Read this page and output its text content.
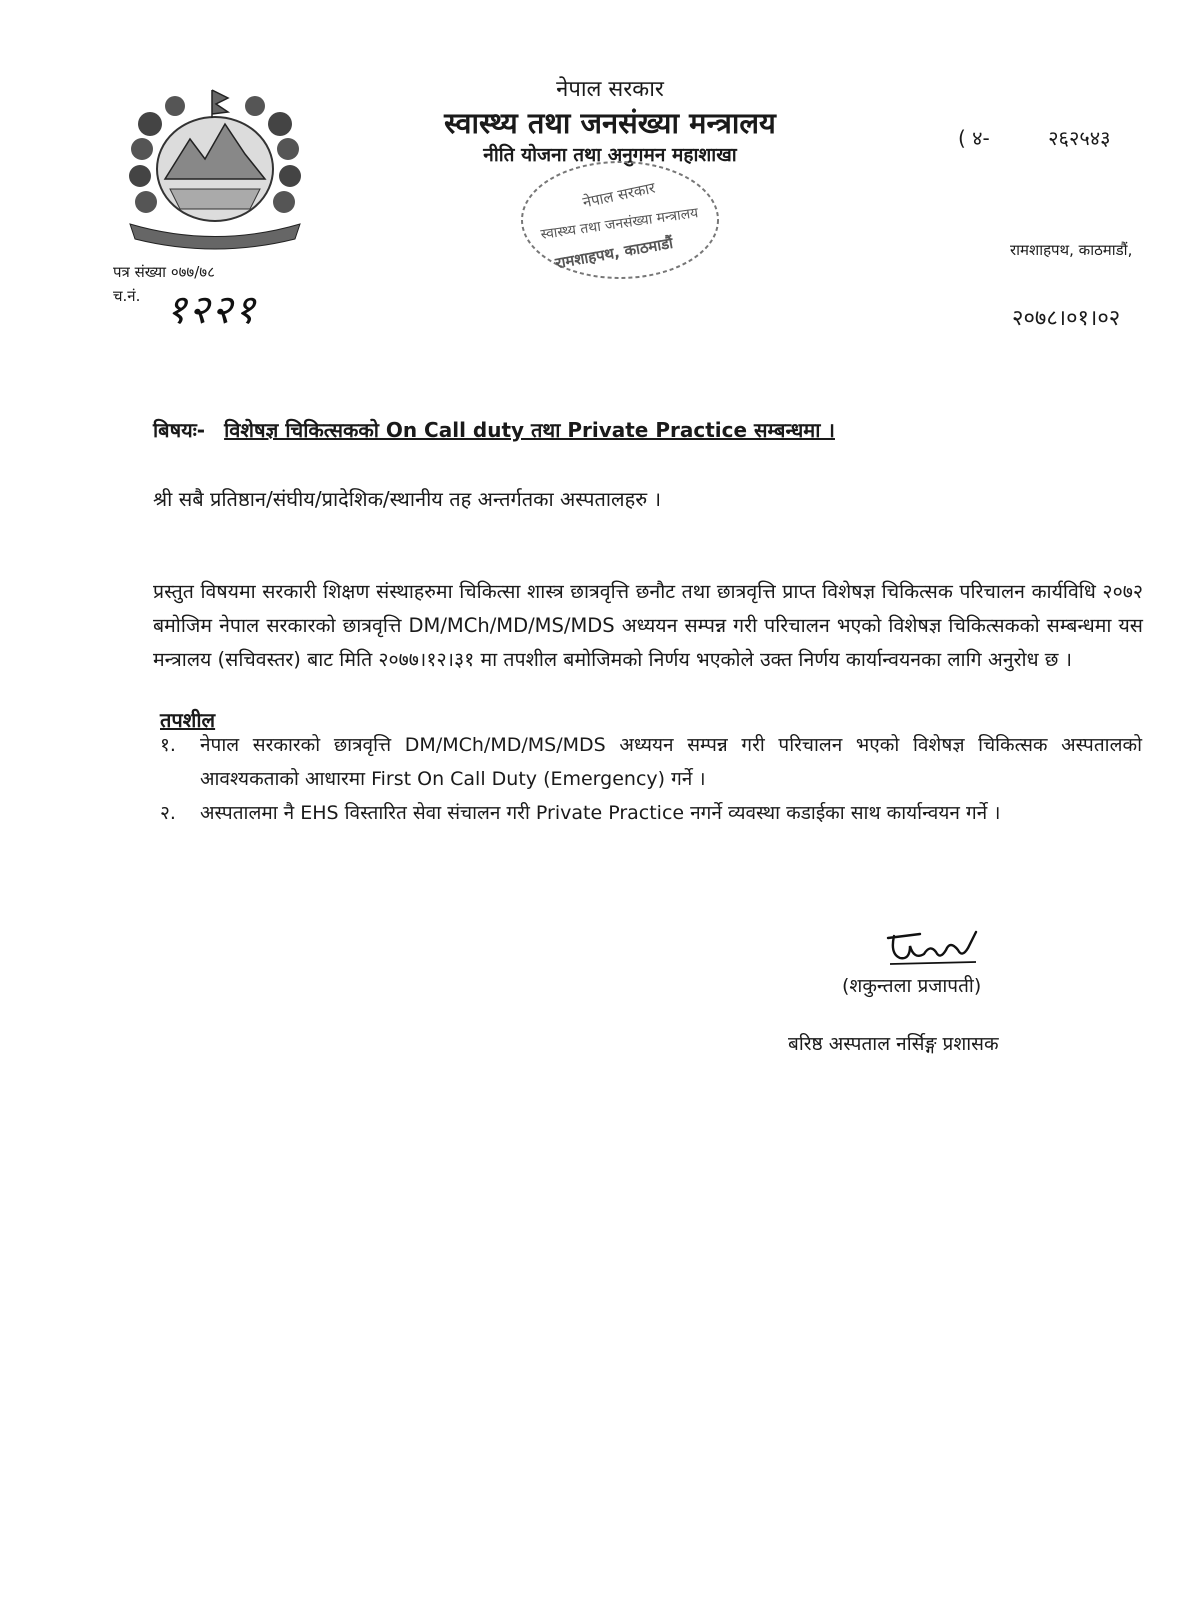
नेपाल सरकार
स्वास्थ्य तथा जनसंख्या मन्त्रालय
नीति योजना तथा अनुगमन महाशाखा
नेपाल सरकार
स्वास्थ्य तथा जनसंख्या मन्त्रालय
रामशाहपथ, काठमाडौं
( ४-	२६२५४३
रामशाहपथ, काठमाडौं,
पत्र संख्या ०७७/७८
च.नं. १२२१	२०७८।०१।०२
बिषयः- विशेषज्ञ चिकित्सकको On Call duty तथा Private Practice सम्बन्धमा ।
श्री सबै प्रतिष्ठान/संघीय/प्रादेशिक/स्थानीय तह अन्तर्गतका अस्पतालहरु ।
प्रस्तुत विषयमा सरकारी शिक्षण संस्थाहरुमा चिकित्सा शास्त्र छात्रवृत्ति छनौट तथा छात्रवृत्ति प्राप्त विशेषज्ञ चिकित्सक परिचालन कार्यविधि २०७२ बमोजिम नेपाल सरकारको छात्रवृत्ति DM/MCh/MD/MS/MDS अध्ययन सम्पन्न गरी परिचालन भएको विशेषज्ञ चिकित्सकको सम्बन्धमा यस मन्त्रालय (सचिवस्तर) बाट मिति २०७७।१२।३१ मा तपशील बमोजिमको निर्णय भएकोले उक्त निर्णय कार्यान्वयनका लागि अनुरोध छ ।
तपशील
१. नेपाल सरकारको छात्रवृत्ति DM/MCh/MD/MS/MDS अध्ययन सम्पन्न गरी परिचालन भएको विशेषज्ञ चिकित्सक अस्पतालको आवश्यकताको आधारमा First On Call Duty (Emergency) गर्ने ।
२. अस्पतालमा नै EHS विस्तारित सेवा संचालन गरी Private Practice नगर्ने व्यवस्था कडाईका साथ कार्यान्वयन गर्ने ।
(शकुन्तला प्रजापती)
बरिष्ठ अस्पताल नर्सिङ्ग प्रशासक
